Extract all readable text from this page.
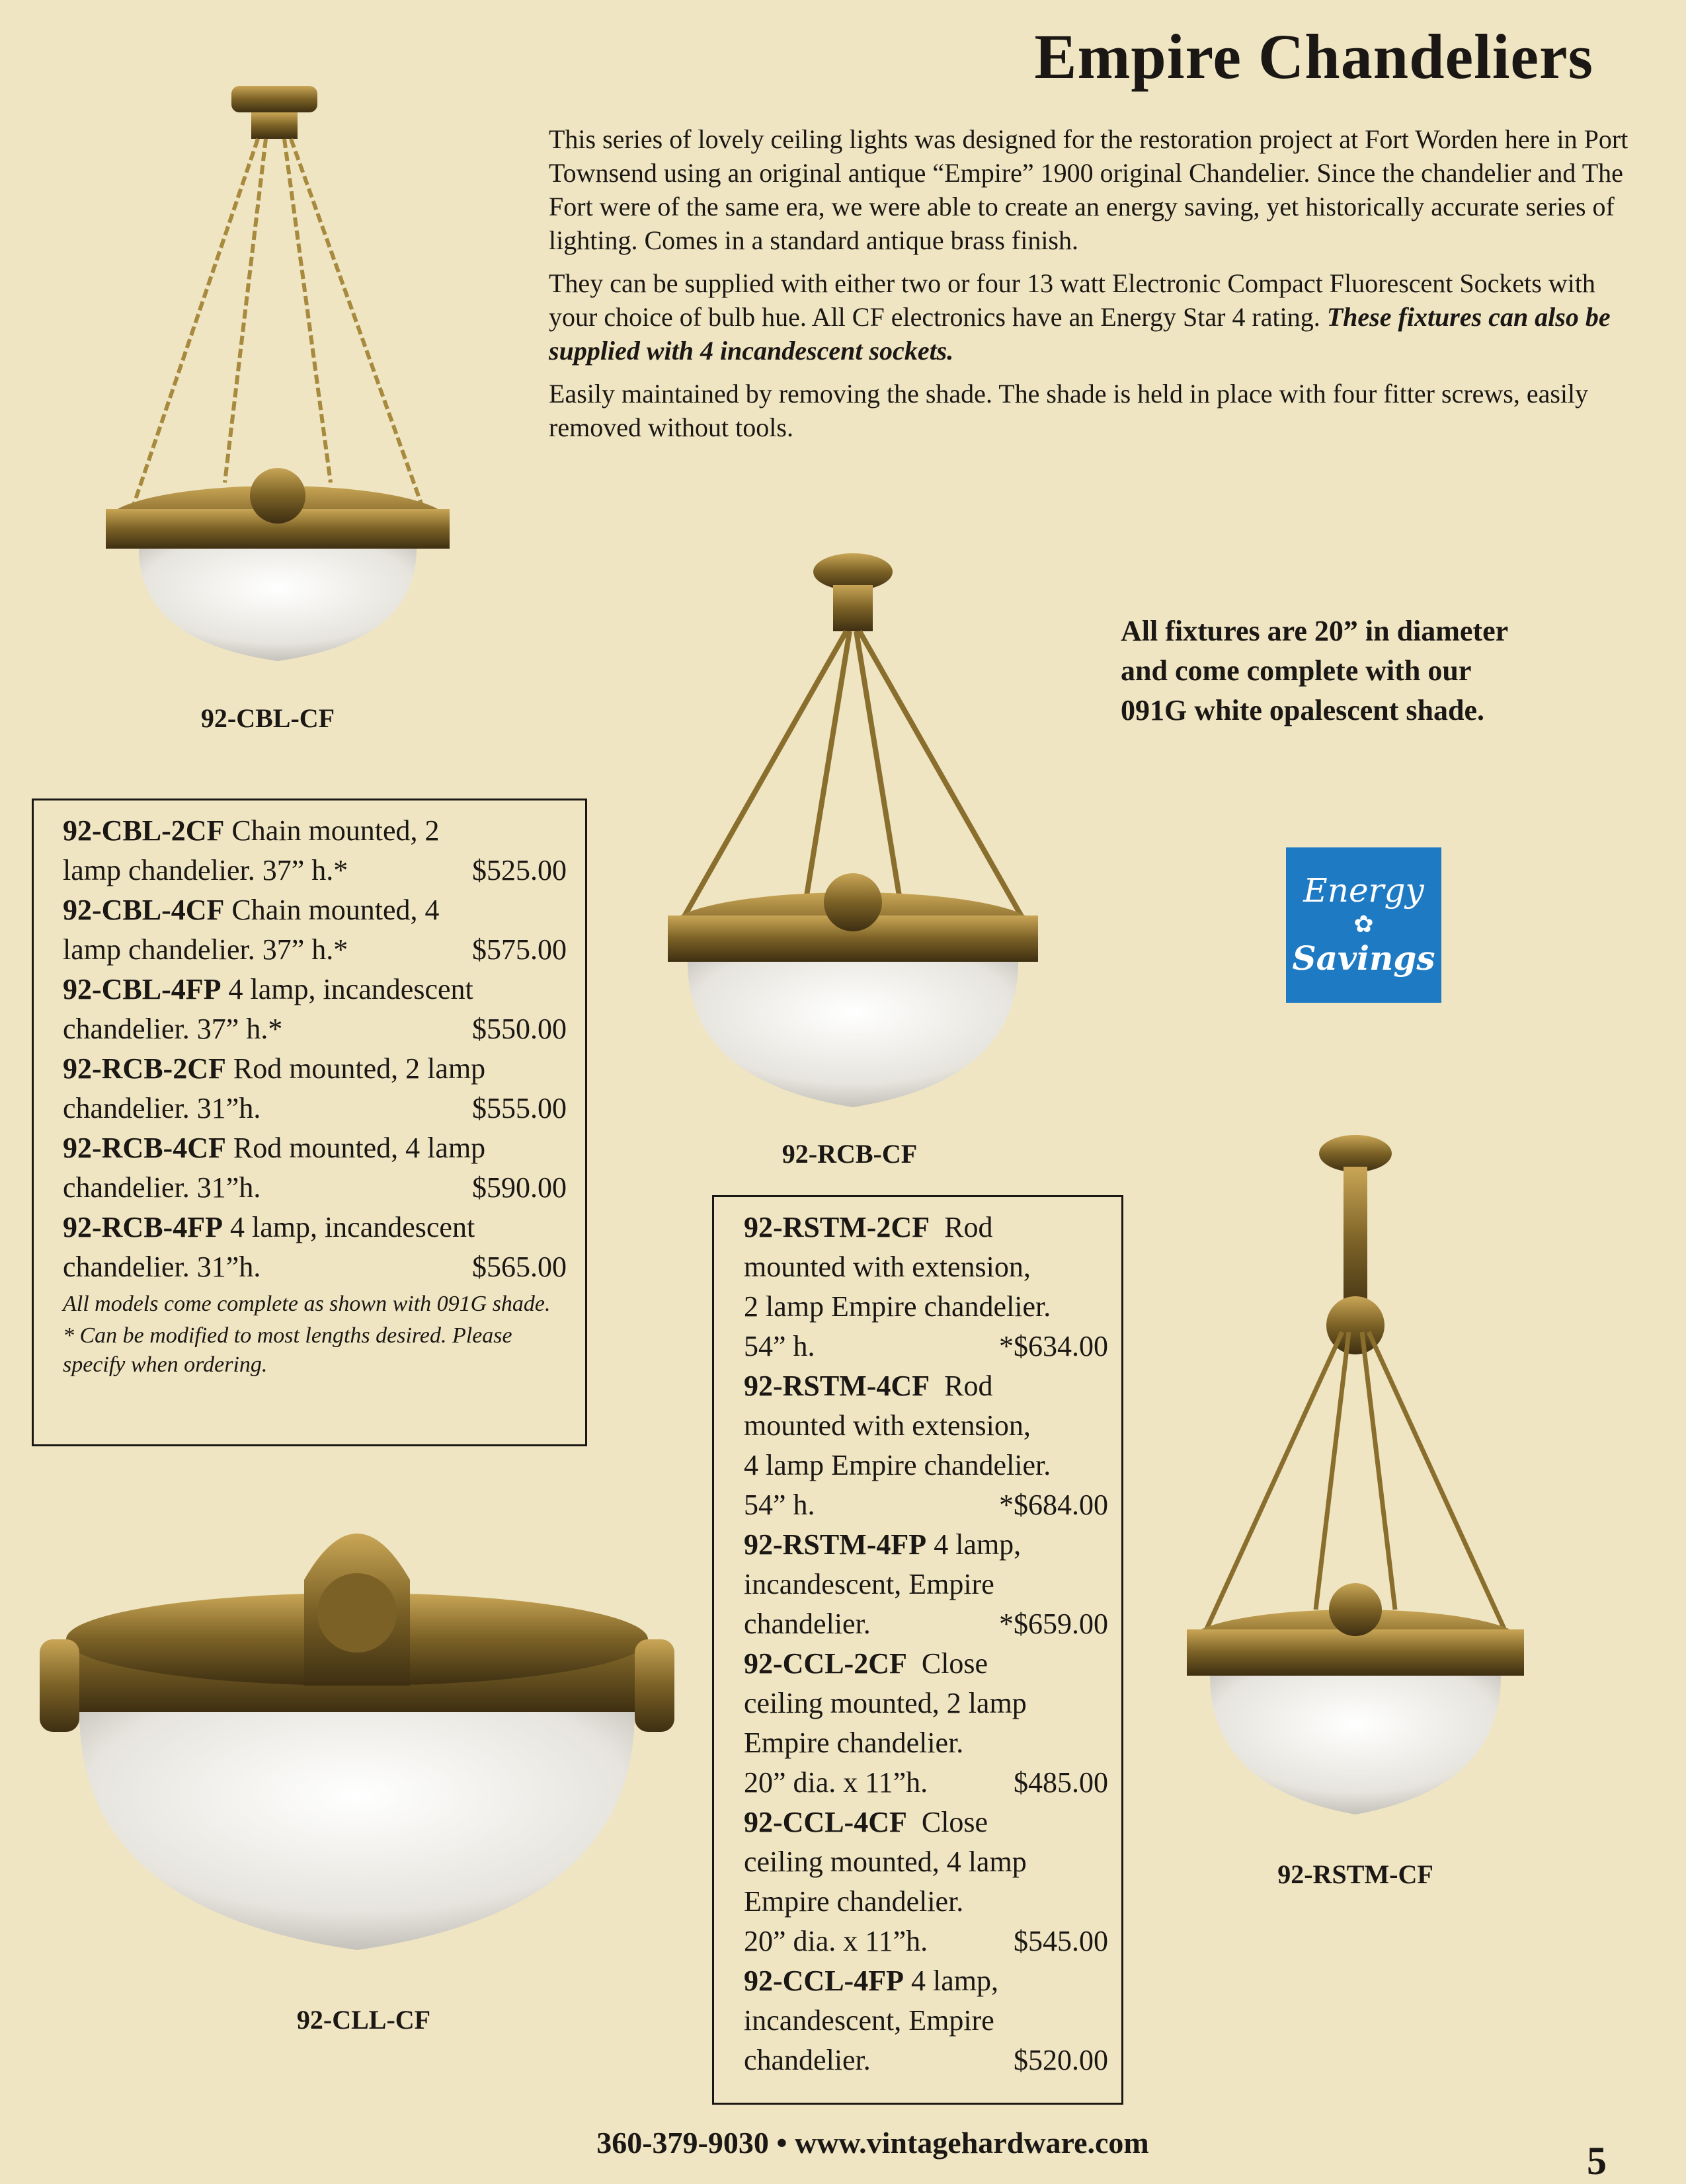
Empire Chandeliers

This series of lovely ceiling lights was designed for the restoration project at Fort Worden here in Port Townsend using an original antique “Empire” 1900 original Chandelier. Since the chandelier and The Fort were of the same era, we were able to create an energy saving, yet historically accurate series of lighting. Comes in a standard antique brass finish.

They can be supplied with either two or four 13 watt Electronic Compact Fluorescent Sockets with your choice of bulb hue. All CF electronics have an Energy Star 4 rating. These fixtures can also be supplied with 4 incandescent sockets.

Easily maintained by removing the shade. The shade is held in place with four fitter screws, easily removed without tools.

All fixtures are 20” in diameter
and come complete with our
091G white opalescent shade.
92-CBL-CF
92-RCB-CF
92-RSTM-CF
92-CLL-CF
Energy
✿
Savings
92-CBL-2CF Chain mounted, 2
lamp chandelier. 37” h.*	$525.00
92-CBL-4CF Chain mounted, 4
lamp chandelier. 37” h.*	$575.00
92-CBL-4FP 4 lamp, incandescent
chandelier. 37” h.*	$550.00
92-RCB-2CF Rod mounted, 2 lamp
chandelier. 31”h.	$555.00
92-RCB-4CF Rod mounted, 4 lamp
chandelier. 31”h.	$590.00
92-RCB-4FP 4 lamp, incandescent
chandelier. 31”h.	$565.00
All models come complete as shown with 091G shade.
* Can be modified to most lengths desired. Please specify when ordering.
92-RSTM-2CF Rod
mounted with extension,
2 lamp Empire chandelier.
54” h.	*$634.00
92-RSTM-4CF Rod
mounted with extension,
4 lamp Empire chandelier.
54” h.	*$684.00
92-RSTM-4FP 4 lamp,
incandescent, Empire
chandelier.	*$659.00
92-CCL-2CF Close
ceiling mounted, 2 lamp
Empire chandelier.
20” dia. x 11”h.	$485.00
92-CCL-4CF Close
ceiling mounted, 4 lamp
Empire chandelier.
20” dia. x 11”h.	$545.00
92-CCL-4FP 4 lamp,
incandescent, Empire
chandelier.	$520.00
360-379-9030 • www.vintagehardware.com	5
